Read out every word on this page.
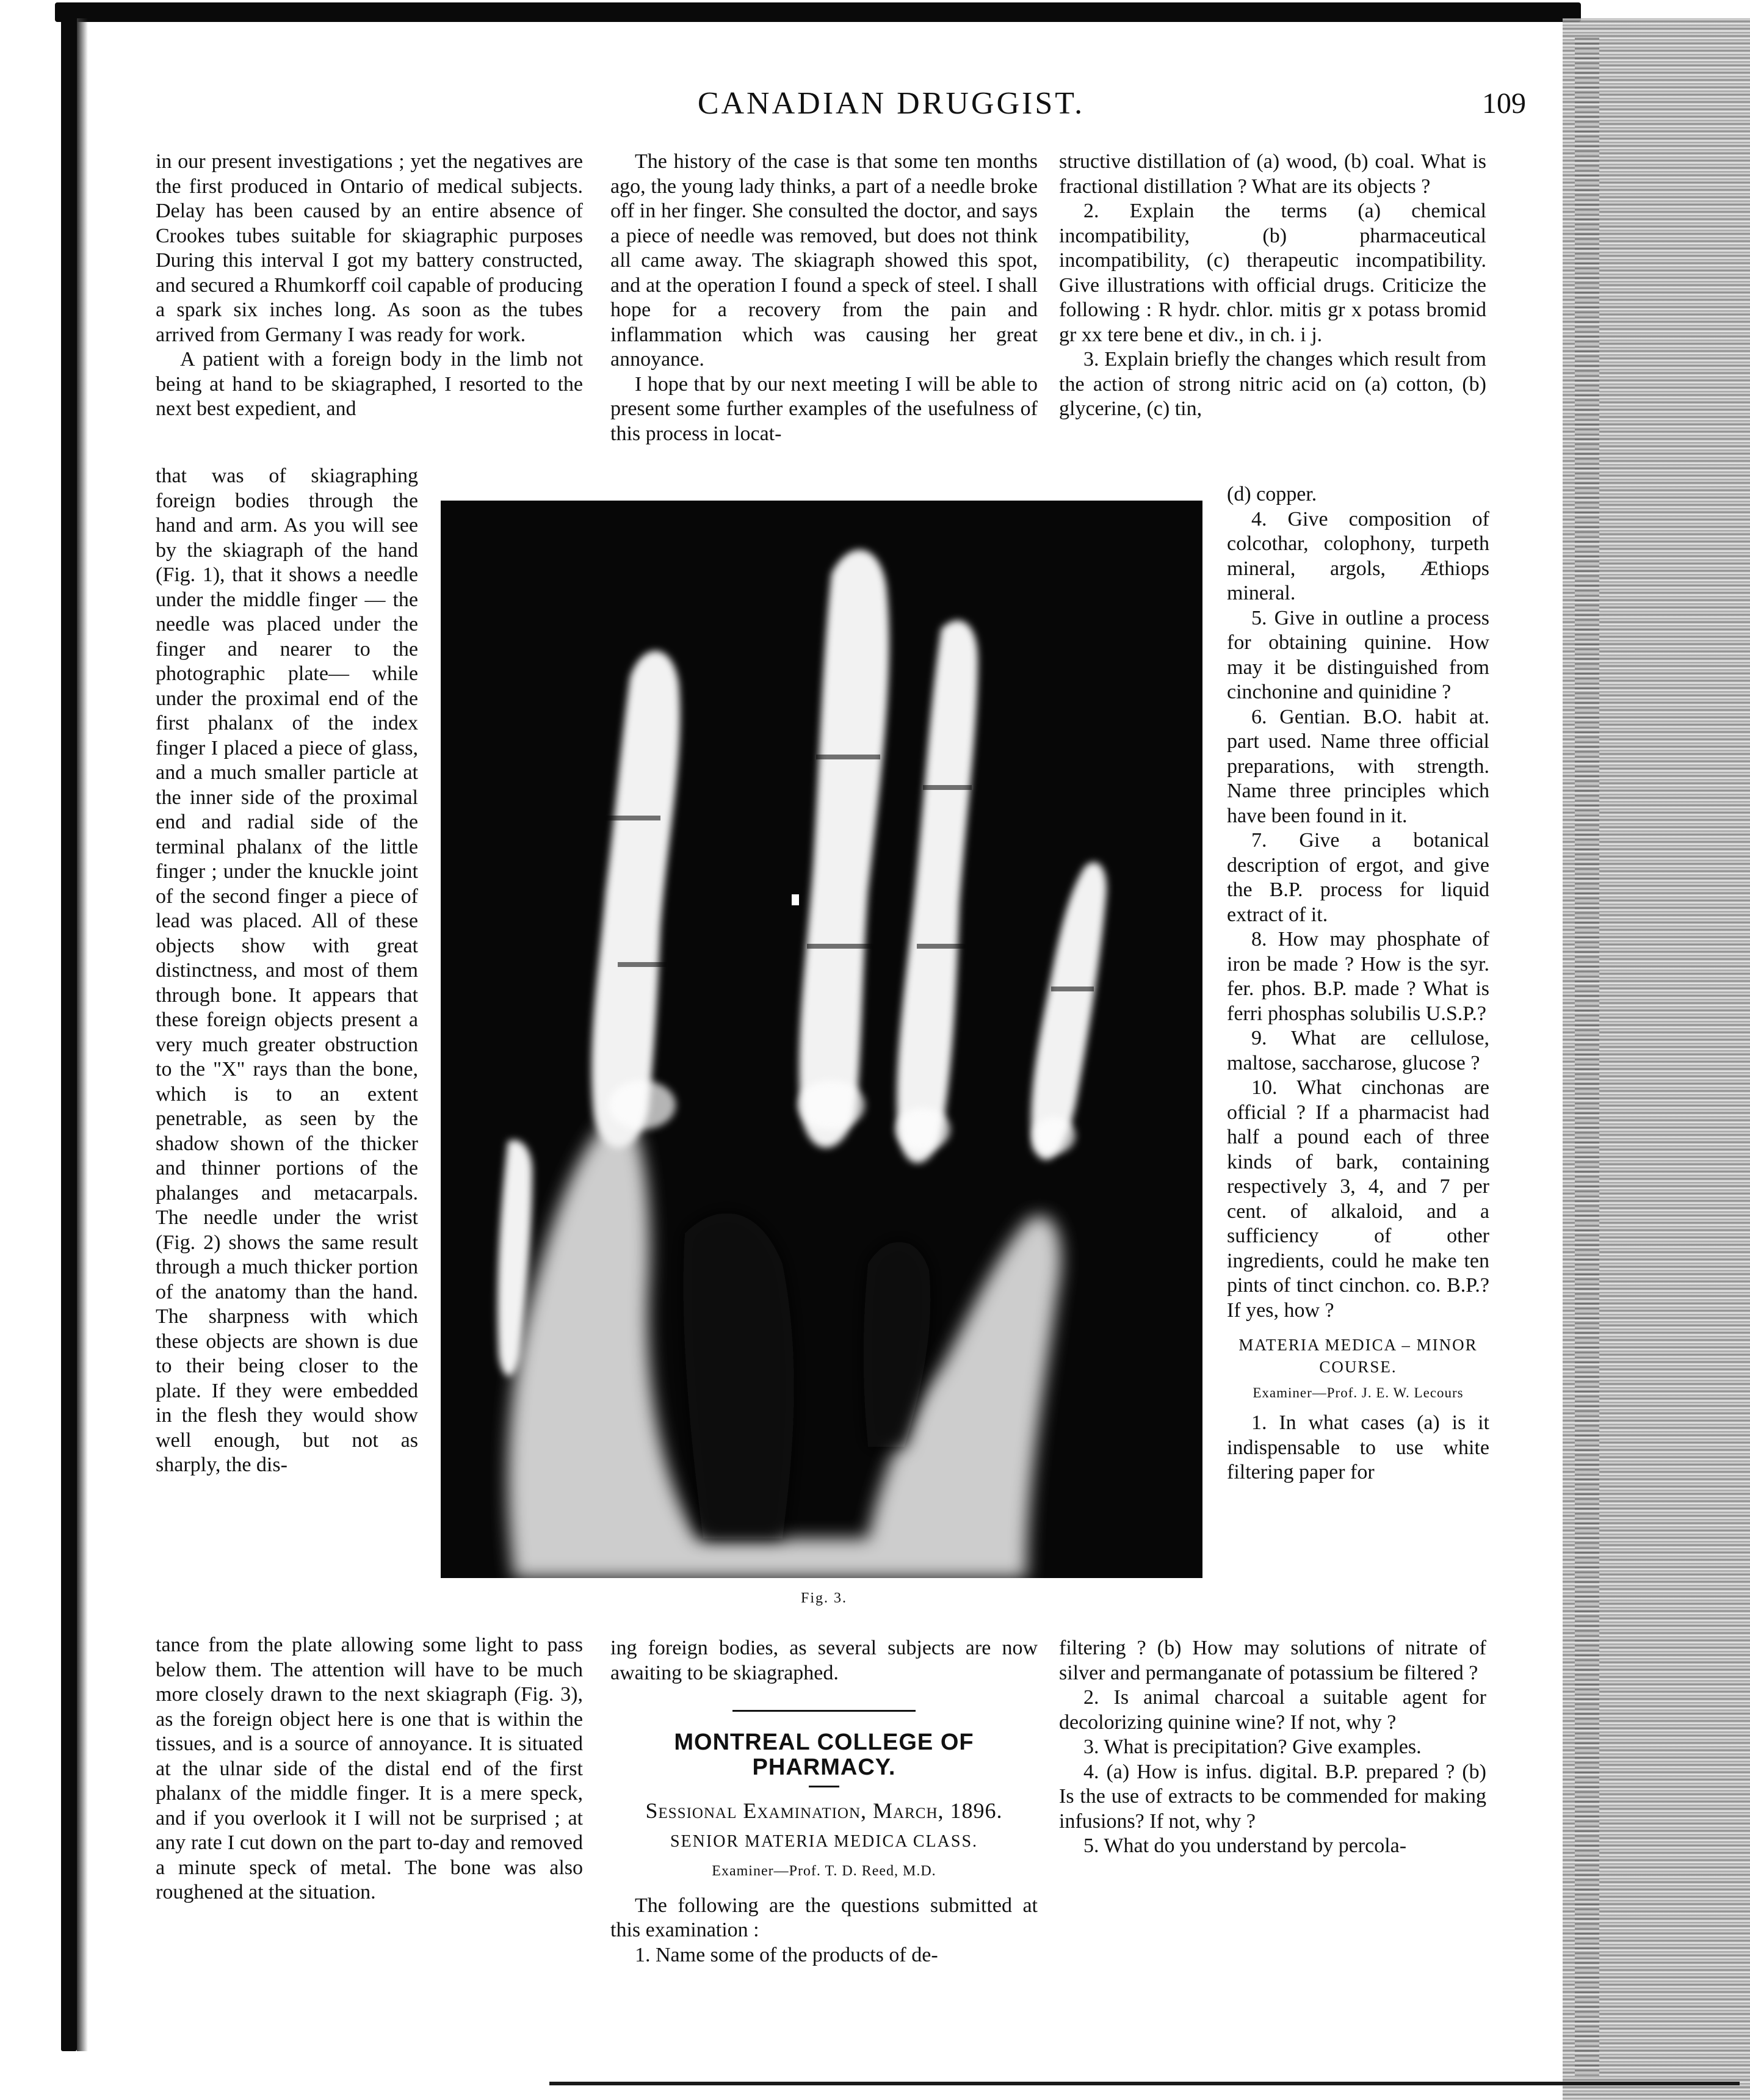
CANADIAN DRUGGIST.	109

in our present investigations ; yet the negatives are the first produced in Ontario of medical subjects. Delay has been caused by an entire absence of Crookes tubes suitable for skiagraphic purposes During this interval I got my battery constructed, and secured a Rhumkorff coil capable of producing a spark six inches long. As soon as the tubes arrived from Germany I was ready for work.

A patient with a foreign body in the limb not being at hand to be skiagraphed, I resorted to the next best expedient, and

that was of skiagraphing foreign bodies through the hand and arm. As you will see by the skiagraph of the hand (Fig. 1), that it shows a needle under the middle finger — the needle was placed under the finger and nearer to the photographic plate— while under the proximal end of the first phalanx of the index finger I placed a piece of glass, and a much smaller particle at the inner side of the proximal end and radial side of the terminal phalanx of the little finger ; under the knuckle joint of the second finger a piece of lead was placed. All of these objects show with great distinctness, and most of them through bone. It appears that these foreign objects present a very much greater obstruction to the "X" rays than the bone, which is to an extent penetrable, as seen by the shadow shown of the thicker and thinner portions of the phalanges and metacarpals. The needle under the wrist (Fig. 2) shows the same result through a much thicker portion of the anatomy than the hand. The sharpness with which these objects are shown is due to their being closer to the plate. If they were embedded in the flesh they would show well enough, but not as sharply, the dis-

tance from the plate allowing some light to pass below them. The attention will have to be much more closely drawn to the next skiagraph (Fig. 3), as the foreign object here is one that is within the tissues, and is a source of annoyance. It is situated at the ulnar side of the distal end of the first phalanx of the middle finger. It is a mere speck, and if you overlook it I will not be surprised ; at any rate I cut down on the part to-day and removed a minute speck of metal. The bone was also roughened at the situation.

The history of the case is that some ten months ago, the young lady thinks, a part of a needle broke off in her finger. She consulted the doctor, and says a piece of needle was removed, but does not think all came away. The skiagraph showed this spot, and at the operation I found a speck of steel. I shall hope for a recovery from the pain and inflammation which was causing her great annoyance.

I hope that by our next meeting I will be able to present some further examples of the usefulness of this process in locat-

ing foreign bodies, as several subjects are now awaiting to be skiagraphed.

MONTREAL COLLEGE OF PHARMACY.
Sessional Examination, March, 1896.
SENIOR MATERIA MEDICA CLASS.
Examiner—Prof. T. D. Reed, M.D.

The following are the questions submitted at this examination :

1. Name some of the products of de-

structive distillation of (a) wood, (b) coal. What is fractional distillation ? What are its objects ?

2. Explain the terms (a) chemical incompatibility, (b) pharmaceutical incompatibility, (c) therapeutic incompatibility. Give illustrations with official drugs. Criticize the following : R hydr. chlor. mitis gr x potass bromid gr xx tere bene et div., in ch. i j.

3. Explain briefly the changes which result from the action of strong nitric acid on (a) cotton, (b) glycerine, (c) tin,

(d) copper.

4. Give composition of colcothar, colophony, turpeth mineral, argols, Æthiops mineral.

5. Give in outline a process for obtaining quinine. How may it be distinguished from cinchonine and quinidine ?

6. Gentian. B.O. habit at. part used. Name three official preparations, with strength. Name three principles which have been found in it.

7. Give a botanical description of ergot, and give the B.P. process for liquid extract of it.

8. How may phosphate of iron be made ? How is the syr. fer. phos. B.P. made ? What is ferri phosphas solubilis U.S.P.?

9. What are cellulose, maltose, saccharose, glucose ?

10. What cinchonas are official ? If a pharmacist had half a pound each of three kinds of bark, containing respectively 3, 4, and 7 per cent. of alkaloid, and a sufficiency of other ingredients, could he make ten pints of tinct cinchon. co. B.P.? If yes, how ?

MATERIA MEDICA – MINOR COURSE.
Examiner—Prof. J. E. W. Lecours

1. In what cases (a) is it indispensable to use white filtering paper for

filtering ? (b) How may solutions of nitrate of silver and permanganate of potassium be filtered ?

2. Is animal charcoal a suitable agent for decolorizing quinine wine? If not, why ?

3. What is precipitation? Give examples.

4. (a) How is infus. digital. B.P. prepared ? (b) Is the use of extracts to be commended for making infusions? If not, why ?

5. What do you understand by percola-

Fig. 3.
